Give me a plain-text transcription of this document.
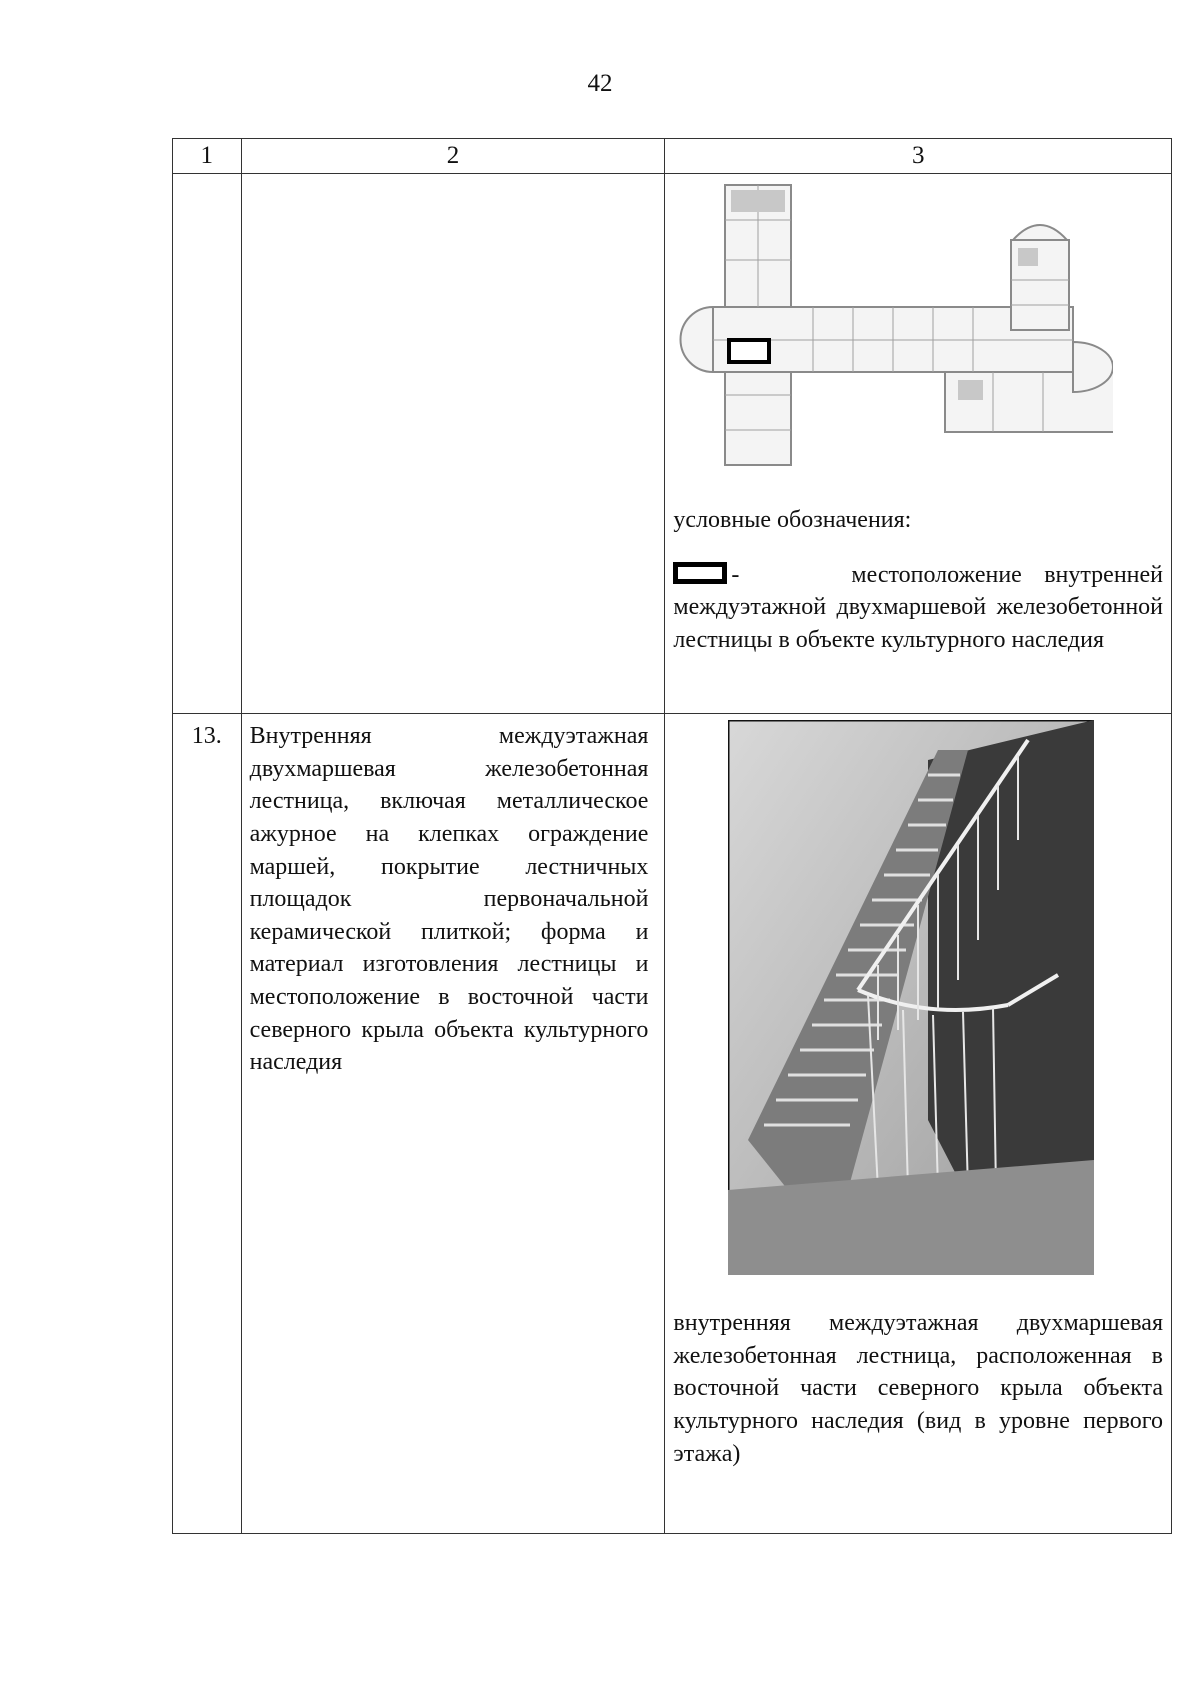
42
1	2	3

		условные обозначения:
- местоположение внутренней междуэтажной двухмаршевой железобетонной лестницы в объекте культурного наследия

13.	Внутренняя междуэтажная двухмаршевая железобетонная лестница, включая металлическое ажурное на клепках ограждение маршей, покрытие лестничных площадок первоначальной керамической плиткой; форма и материал изготовления лестницы и местоположение в восточной части северного крыла объекта культурного наследия	внутренняя междуэтажная двухмаршевая железобетонная лестница, расположенная в восточной части северного крыла объекта культурного наследия (вид в уровне первого этажа)
